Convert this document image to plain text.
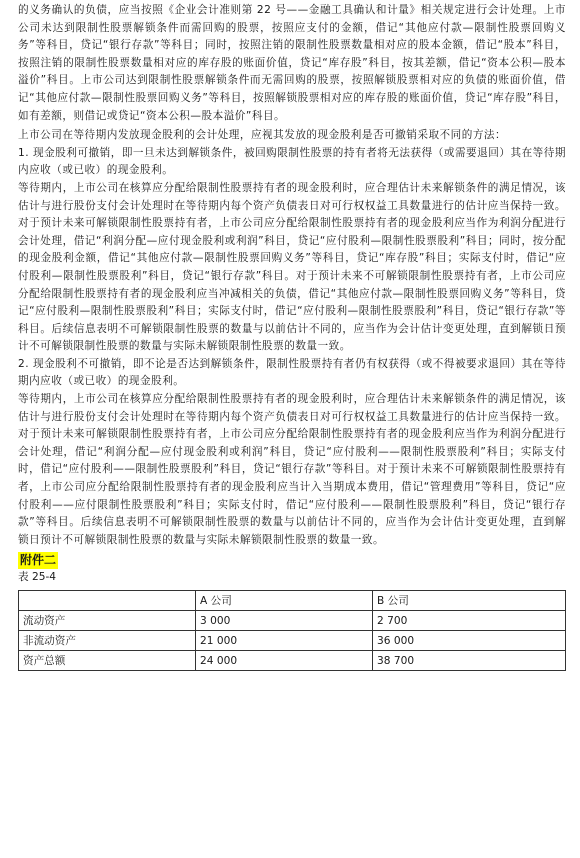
的义务确认的负债，应当按照《企业会计准则第 22 号——金融工具确认和计量》相关规定进行会计处理。上市公司未达到限制性股票解锁条件而需回购的股票，按照应支付的金额，借记“其他应付款—限制性股票回购义务”等科目，贷记“银行存款”等科目；同时，按照注销的限制性股票数量相对应的股本金额，借记“股本”科目，按照注销的限制性股票数量相对应的库存股的账面价值，贷记“库存股”科目，按其差额，借记“资本公积—股本溢价”科目。上市公司达到限制性股票解锁条件而无需回购的股票，按照解锁股票相对应的负债的账面价值，借记“其他应付款—限制性股票回购义务”等科目，按照解锁股票相对应的库存股的账面价值，贷记“库存股”科目，如有差额，则借记或贷记“资本公积—股本溢价”科目。

上市公司在等待期内发放现金股利的会计处理，应视其发放的现金股利是否可撤销采取不同的方法：

1. 现金股利可撤销，即一旦未达到解锁条件，被回购限制性股票的持有者将无法获得（或需要退回）其在等待期内应收（或已收）的现金股利。

等待期内，上市公司在核算应分配给限制性股票持有者的现金股利时，应合理估计未来解锁条件的满足情况，该估计与进行股份支付会计处理时在等待期内每个资产负债表日对可行权权益工具数量进行的估计应当保持一致。对于预计未来可解锁限制性股票持有者，上市公司应分配给限制性股票持有者的现金股利应当作为利润分配进行会计处理，借记“利润分配—应付现金股利或利润”科目，贷记“应付股利—限制性股票股利”科目；同时，按分配的现金股利金额，借记“其他应付款—限制性股票回购义务”等科目，贷记“库存股”科目；实际支付时，借记“应付股利—限制性股票股利”科目，贷记“银行存款”科目。对于预计未来不可解锁限制性股票持有者，上市公司应分配给限制性股票持有者的现金股利应当冲减相关的负债，借记“其他应付款—限制性股票回购义务”等科目，贷记“应付股利—限制性股票股利”科目；实际支付时，借记“应付股利—限制性股票股利”科目，贷记“银行存款”等科目。后续信息表明不可解锁限制性股票的数量与以前估计不同的，应当作为会计估计变更处理，直到解锁日预计不可解锁限制性股票的数量与实际未解锁限制性股票的数量一致。

2. 现金股利不可撤销，即不论是否达到解锁条件，限制性股票持有者仍有权获得（或不得被要求退回）其在等待期内应收（或已收）的现金股利。

等待期内，上市公司在核算应分配给限制性股票持有者的现金股利时，应合理估计未来解锁条件的满足情况，该估计与进行股份支付会计处理时在等待期内每个资产负债表日对可行权权益工具数量进行的估计应当保持一致。对于预计未来可解锁限制性股票持有者，上市公司应分配给限制性股票持有者的现金股利应当作为利润分配进行会计处理，借记“利润分配—应付现金股利或利润”科目，贷记“应付股利——限制性股票股利”科目；实际支付时，借记“应付股利——限制性股票股利”科目，贷记“银行存款”等科目。对于预计未来不可解锁限制性股票持有者，上市公司应分配给限制性股票持有者的现金股利应当计入当期成本费用，借记“管理费用”等科目，贷记“应付股利——应付限制性股票股利”科目；实际支付时，借记“应付股利——限制性股票股利”科目，贷记“银行存款”等科目。后续信息表明不可解锁限制性股票的数量与以前估计不同的，应当作为会计估计变更处理，直到解锁日预计不可解锁限制性股票的数量与实际未解锁限制性股票的数量一致。

附件二

表 25-4

	A 公司	B 公司
流动资产	3 000	2 700
非流动资产	21 000	36 000
资产总额	24 000	38 700
